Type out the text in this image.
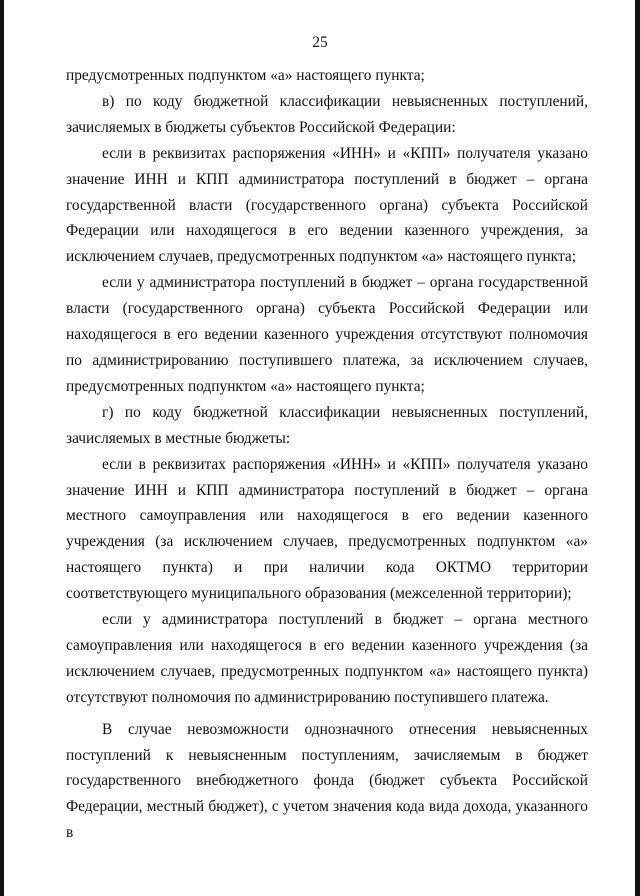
25

предусмотренных подпунктом «а» настоящего пункта;

в) по коду бюджетной классификации невыясненных поступлений, зачисляемых в бюджеты субъектов Российской Федерации:

если в реквизитах распоряжения «ИНН» и «КПП» получателя указано значение ИНН и КПП администратора поступлений в бюджет – органа государственной власти (государственного органа) субъекта Российской Федерации или находящегося в его ведении казенного учреждения, за исключением случаев, предусмотренных подпунктом «а» настоящего пункта;

если у администратора поступлений в бюджет – органа государственной власти (государственного органа) субъекта Российской Федерации или находящегося в его ведении казенного учреждения отсутствуют полномочия по администрированию поступившего платежа, за исключением случаев, предусмотренных подпунктом «а» настоящего пункта;

г) по коду бюджетной классификации невыясненных поступлений, зачисляемых в местные бюджеты:

если в реквизитах распоряжения «ИНН» и «КПП» получателя указано значение ИНН и КПП администратора поступлений в бюджет – органа местного самоуправления или находящегося в его ведении казенного учреждения (за исключением случаев, предусмотренных подпунктом «а» настоящего пункта) и при наличии кода ОКТМО территории соответствующего муниципального образования (межселенной территории);

если у администратора поступлений в бюджет – органа местного самоуправления или находящегося в его ведении казенного учреждения (за исключением случаев, предусмотренных подпунктом «а» настоящего пункта) отсутствуют полномочия по администрированию поступившего платежа.

В случае невозможности однозначного отнесения невыясненных поступлений к невыясненным поступлениям, зачисляемым в бюджет государственного внебюджетного фонда (бюджет субъекта Российской Федерации, местный бюджет), с учетом значения кода вида дохода, указанного в
